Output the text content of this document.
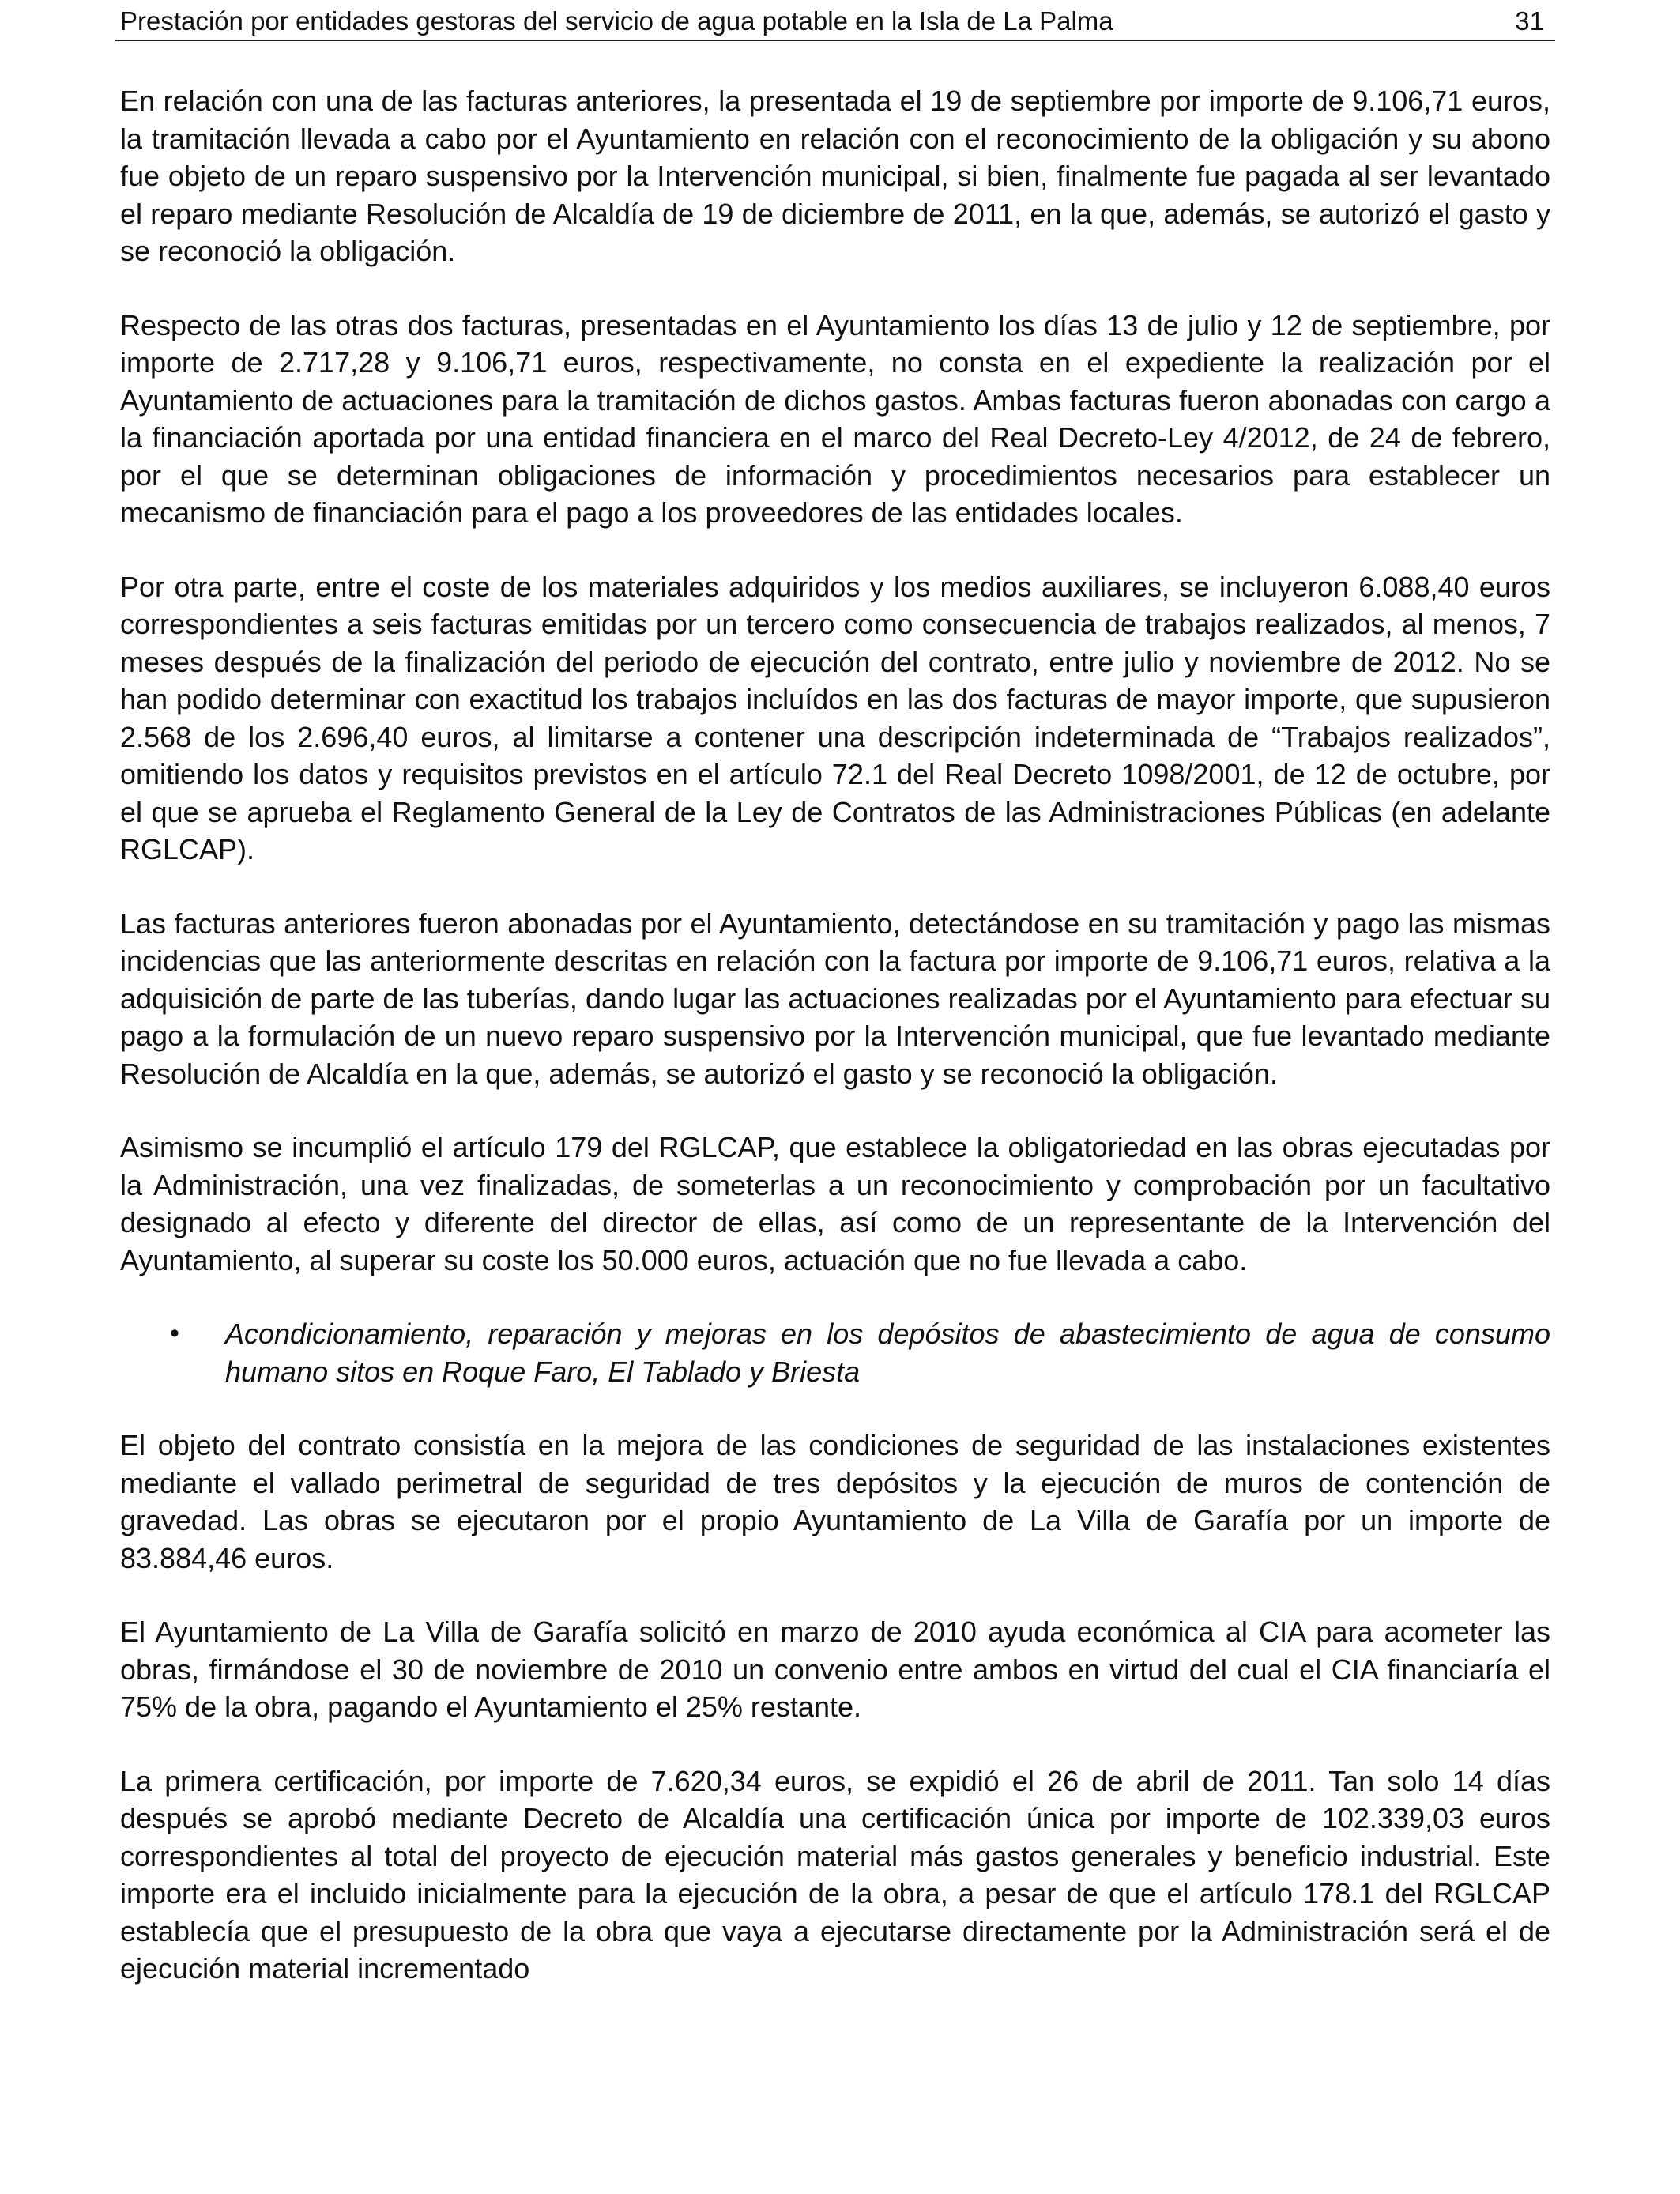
Prestación por entidades gestoras del servicio de agua potable en la Isla de La Palma	31

En relación con una de las facturas anteriores, la presentada el 19 de septiembre por importe de 9.106,71 euros, la tramitación llevada a cabo por el Ayuntamiento en relación con el reconocimiento de la obligación y su abono fue objeto de un reparo suspensivo por la Intervención municipal, si bien, finalmente fue pagada al ser levantado el reparo mediante Resolución de Alcaldía de 19 de diciembre de 2011, en la que, además, se autorizó el gasto y se reconoció la obligación.

Respecto de las otras dos facturas, presentadas en el Ayuntamiento los días 13 de julio y 12 de septiembre, por importe de 2.717,28 y 9.106,71 euros, respectivamente, no consta en el expediente la realización por el Ayuntamiento de actuaciones para la tramitación de dichos gastos. Ambas facturas fueron abonadas con cargo a la financiación aportada por una entidad financiera en el marco del Real Decreto-Ley 4/2012, de 24 de febrero, por el que se determinan obligaciones de información y procedimientos necesarios para establecer un mecanismo de financiación para el pago a los proveedores de las entidades locales.

Por otra parte, entre el coste de los materiales adquiridos y los medios auxiliares, se incluyeron 6.088,40 euros correspondientes a seis facturas emitidas por un tercero como consecuencia de trabajos realizados, al menos, 7 meses después de la finalización del periodo de ejecución del contrato, entre julio y noviembre de 2012. No se han podido determinar con exactitud los trabajos incluídos en las dos facturas de mayor importe, que supusieron 2.568 de los 2.696,40 euros, al limitarse a contener una descripción indeterminada de “Trabajos realizados”, omitiendo los datos y requisitos previstos en el artículo 72.1 del Real Decreto 1098/2001, de 12 de octubre, por el que se aprueba el Reglamento General de la Ley de Contratos de las Administraciones Públicas (en adelante RGLCAP).

Las facturas anteriores fueron abonadas por el Ayuntamiento, detectándose en su tramitación y pago las mismas incidencias que las anteriormente descritas en relación con la factura por importe de 9.106,71 euros, relativa a la adquisición de parte de las tuberías, dando lugar las actuaciones realizadas por el Ayuntamiento para efectuar su pago a la formulación de un nuevo reparo suspensivo por la Intervención municipal, que fue levantado mediante Resolución de Alcaldía en la que, además, se autorizó el gasto y se reconoció la obligación.

Asimismo se incumplió el artículo 179 del RGLCAP, que establece la obligatoriedad en las obras ejecutadas por la Administración, una vez finalizadas, de someterlas a un reconocimiento y comprobación por un facultativo designado al efecto y diferente del director de ellas, así como de un representante de la Intervención del Ayuntamiento, al superar su coste los 50.000 euros, actuación que no fue llevada a cabo.

• Acondicionamiento, reparación y mejoras en los depósitos de abastecimiento de agua de consumo humano sitos en Roque Faro, El Tablado y Briesta

El objeto del contrato consistía en la mejora de las condiciones de seguridad de las instalaciones existentes mediante el vallado perimetral de seguridad de tres depósitos y la ejecución de muros de contención de gravedad. Las obras se ejecutaron por el propio Ayuntamiento de La Villa de Garafía por un importe de 83.884,46 euros.

El Ayuntamiento de La Villa de Garafía solicitó en marzo de 2010 ayuda económica al CIA para acometer las obras, firmándose el 30 de noviembre de 2010 un convenio entre ambos en virtud del cual el CIA financiaría el 75% de la obra, pagando el Ayuntamiento el 25% restante.

La primera certificación, por importe de 7.620,34 euros, se expidió el 26 de abril de 2011. Tan solo 14 días después se aprobó mediante Decreto de Alcaldía una certificación única por importe de 102.339,03 euros correspondientes al total del proyecto de ejecución material más gastos generales y beneficio industrial. Este importe era el incluido inicialmente para la ejecución de la obra, a pesar de que el artículo 178.1 del RGLCAP establecía que el presupuesto de la obra que vaya a ejecutarse directamente por la Administración será el de ejecución material incrementado
